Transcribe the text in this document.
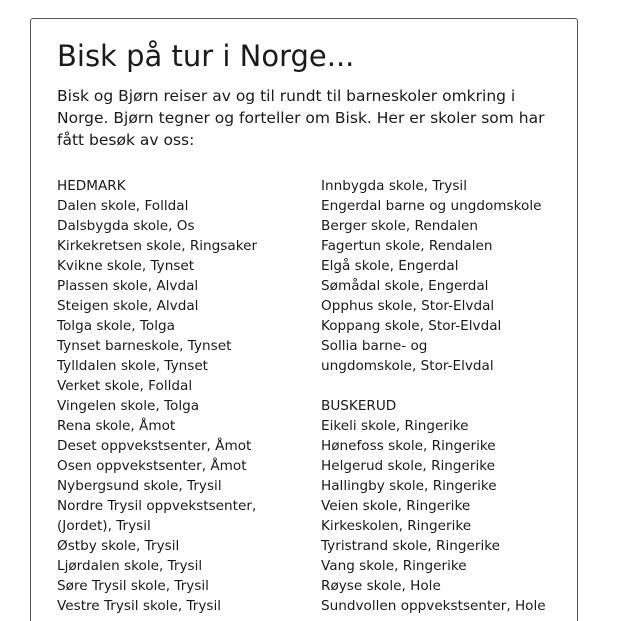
Bisk på tur i Norge...

Bisk og Bjørn reiser av og til rundt til barneskoler omkring i Norge. Bjørn tegner og forteller om Bisk. Her er skoler som har fått besøk av oss:

HEDMARK
Dalen skole, Folldal
Dalsbygda skole, Os
Kirkekretsen skole, Ringsaker
Kvikne skole, Tynset
Plassen skole, Alvdal
Steigen skole, Alvdal
Tolga skole, Tolga
Tynset barneskole, Tynset
Tylldalen skole, Tynset
Verket skole, Folldal
Vingelen skole, Tolga
Rena skole, Åmot
Deset oppvekstsenter, Åmot
Osen oppvekstsenter, Åmot
Nybergsund skole, Trysil
Nordre Trysil oppvekstsenter,
(Jordet), Trysil
Østby skole, Trysil
Ljørdalen skole, Trysil
Søre Trysil skole, Trysil
Vestre Trysil skole, Trysil
Innbygda skole, Trysil
Engerdal barne og ungdomskole
Berger skole, Rendalen
Fagertun skole, Rendalen
Elgå skole, Engerdal
Sømådal skole, Engerdal
Opphus skole, Stor-Elvdal
Koppang skole, Stor-Elvdal
Sollia barne- og
ungdomskole, Stor-Elvdal
BUSKERUD
Eikeli skole, Ringerike
Hønefoss skole, Ringerike
Helgerud skole, Ringerike
Hallingby skole, Ringerike
Veien skole, Ringerike
Kirkeskolen, Ringerike
Tyristrand skole, Ringerike
Vang skole, Ringerike
Røyse skole, Hole
Sundvollen oppvekstsenter, Hole
